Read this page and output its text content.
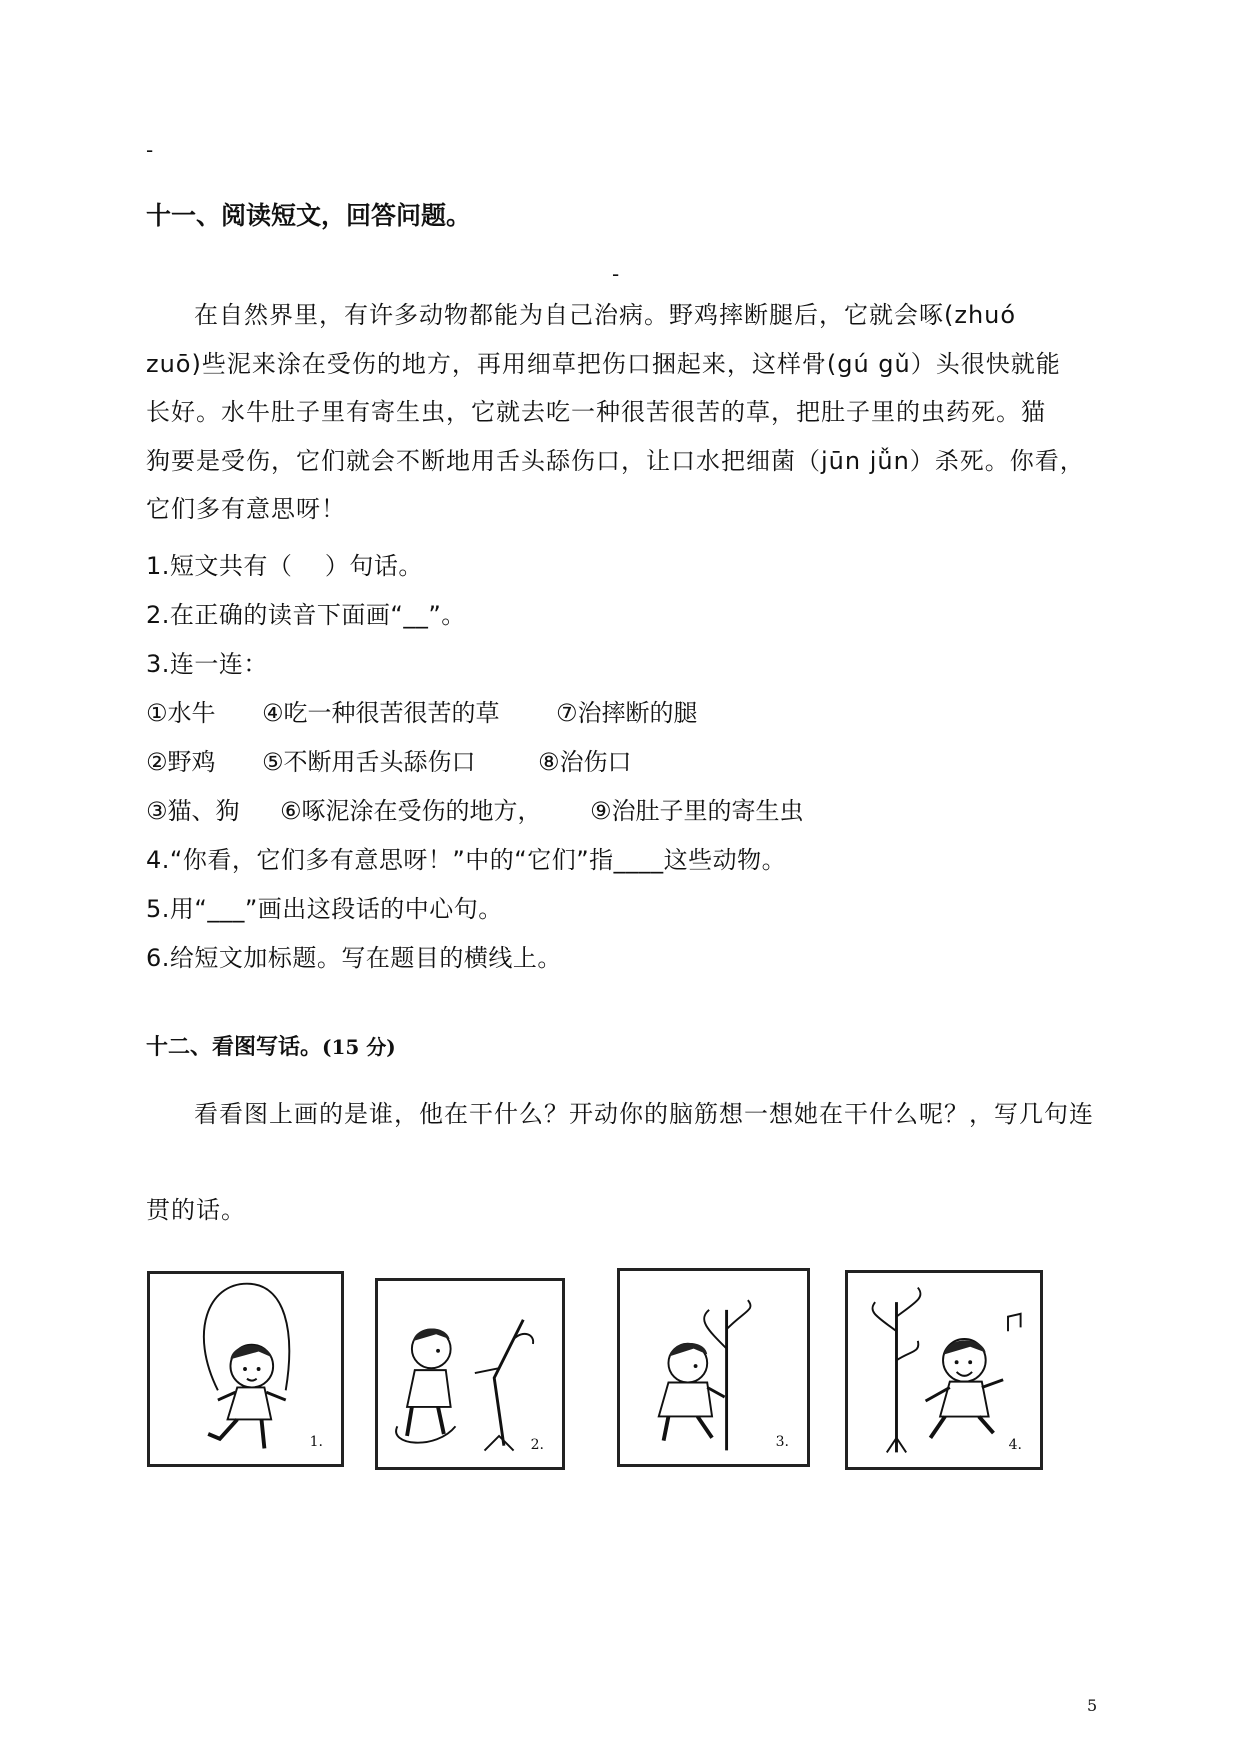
-
十一、阅读短文，回答问题。
-
在自然界里，有许多动物都能为自己治病。野鸡摔断腿后，它就会啄(zhuó
zuō)些泥来涂在受伤的地方，再用细草把伤口捆起来，这样骨(gú gǔ）头很快就能
长好。水牛肚子里有寄生虫，它就去吃一种很苦很苦的草，把肚子里的虫药死。猫
狗要是受伤，它们就会不断地用舌头舔伤口，让口水把细菌（jūn jǚn）杀死。你看，
它们多有意思呀！
1.短文共有（    ）句话。
2.在正确的读音下面画“__”。
3.连一连：
①水牛 ④吃一种很苦很苦的草 ⑦治摔断的腿
②野鸡 ⑤不断用舌头舔伤口	⑧治伤口
③猫、狗 ⑥啄泥涂在受伤的地方， ⑨治肚子里的寄生虫
4.“你看，它们多有意思呀！”中的“它们”指____这些动物。
5.用“___”画出这段话的中心句。
6.给短文加标题。写在题目的横线上。
十二、看图写话。(15 分)
看看图上画的是谁，他在干什么？开动你的脑筋想一想她在干什么呢？，写几句连
贯的话。
1.	2.	3.	4.
5
